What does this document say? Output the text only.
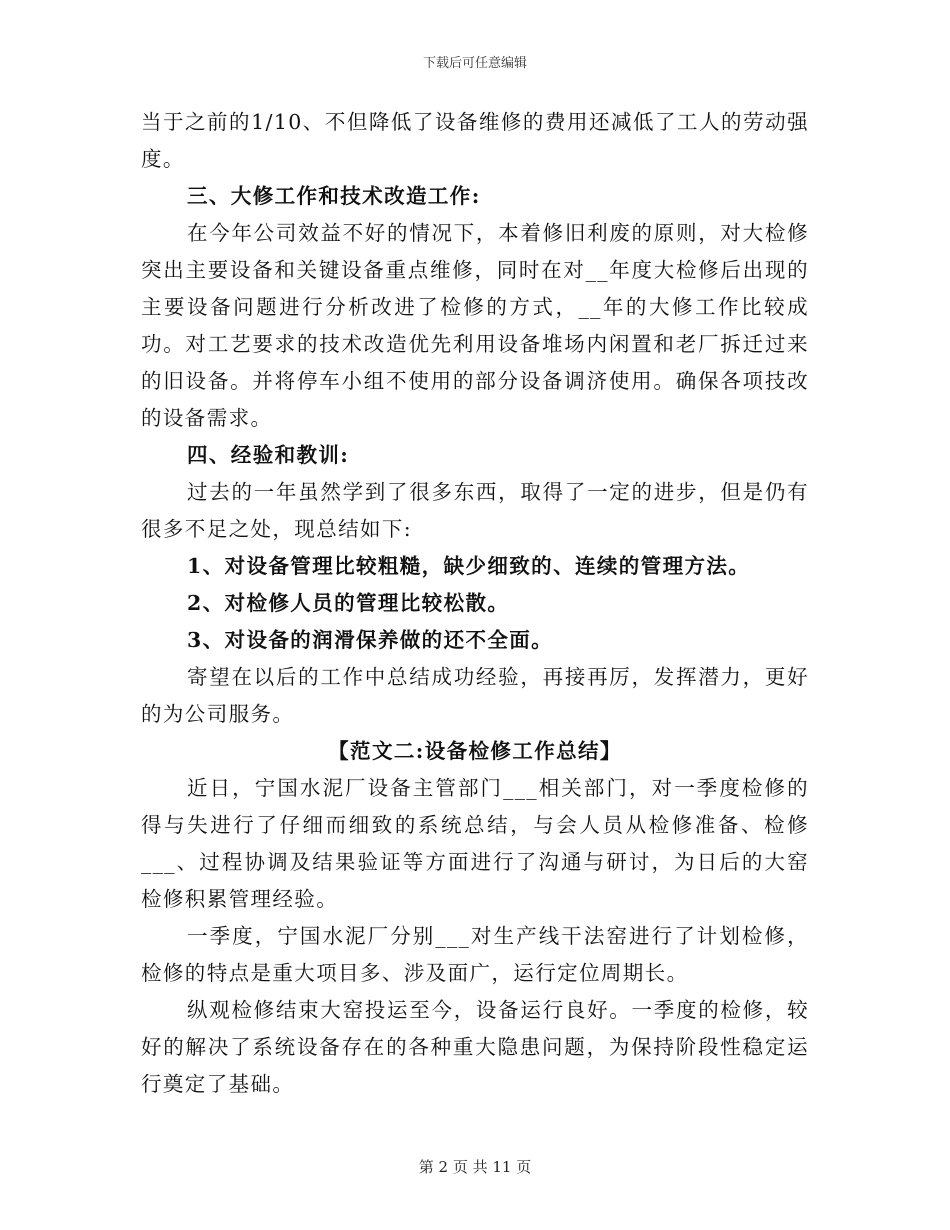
下载后可任意编辑

当于之前的1/10、不但降低了设备维修的费用还减低了工人的劳动强度。

三、大修工作和技术改造工作:

在今年公司效益不好的情况下，本着修旧利废的原则，对大检修突出主要设备和关键设备重点维修，同时在对__年度大检修后出现的主要设备问题进行分析改进了检修的方式，__年的大修工作比较成功。对工艺要求的技术改造优先利用设备堆场内闲置和老厂拆迁过来的旧设备。并将停车小组不使用的部分设备调济使用。确保各项技改的设备需求。

四、经验和教训:

过去的一年虽然学到了很多东西，取得了一定的进步，但是仍有很多不足之处，现总结如下:

1、对设备管理比较粗糙，缺少细致的、连续的管理方法。

2、对检修人员的管理比较松散。

3、对设备的润滑保养做的还不全面。

寄望在以后的工作中总结成功经验，再接再厉，发挥潜力，更好的为公司服务。

【范文二:设备检修工作总结】

近日，宁国水泥厂设备主管部门___相关部门，对一季度检修的得与失进行了仔细而细致的系统总结，与会人员从检修准备、检修___、过程协调及结果验证等方面进行了沟通与研讨，为日后的大窑检修积累管理经验。

一季度，宁国水泥厂分别___对生产线干法窑进行了计划检修，检修的特点是重大项目多、涉及面广，运行定位周期长。

纵观检修结束大窑投运至今，设备运行良好。一季度的检修，较好的解决了系统设备存在的各种重大隐患问题，为保持阶段性稳定运行奠定了基础。

第 2 页 共 11 页
